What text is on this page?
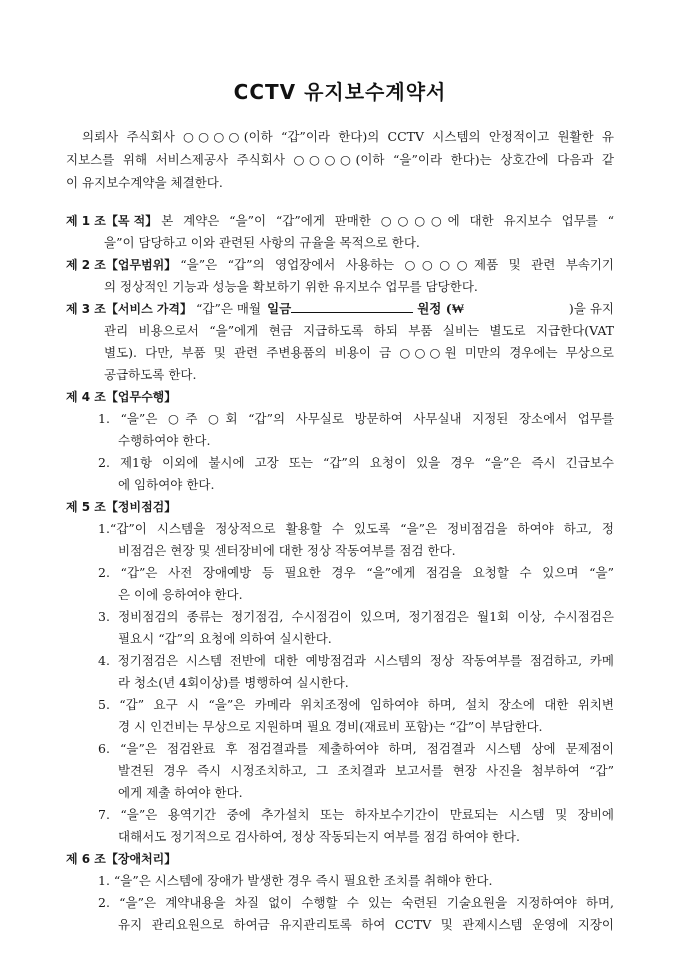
CCTV 유지보수계약서
의뢰사 주식회사 ○○○○(이하 “갑”이라 한다)의 CCTV 시스템의 안정적이고 원활한 유
지보스를 위해 서비스제공사 주식회사 ○○○○(이하 “을”이라 한다)는 상호간에 다음과 같
이 유지보수계약을 체결한다.
제 1 조【목 적】 본 계약은 “을”이 “갑”에게 판매한 ○○○○에 대한 유지보수 업무를 “
을”이 담당하고 이와 관련된 사항의 규율을 목적으로 한다.
제 2 조【업무범위】 “을”은 “갑”의 영업장에서 사용하는 ○○○○제품 및 관련 부속기기
의 정상적인 기능과 성능을 확보하기 위한 유지보수 업무를 담당한다.
제 3 조【서비스 가격】 “갑”은 매월 일금	원정 (₩	)을 유지
관리 비용으로서 “을”에게 현금 지급하도록 하되 부품 실비는 별도로 지급한다(VAT
별도). 다만, 부품 및 관련 주변용품의 비용이 금 ○○○원 미만의 경우에는 무상으로
공급하도록 한다.
제 4 조【업무수행】
1. “을”은 ○주 ○회 “갑”의 사무실로 방문하여 사무실내 지정된 장소에서 업무를
수행하여야 한다.
2. 제1항 이외에 불시에 고장 또는 “갑”의 요청이 있을 경우 “을”은 즉시 긴급보수
에 임하여야 한다.
제 5 조【정비점검】
1.“갑”이 시스템을 정상적으로 활용할 수 있도록 “을”은 정비점검을 하여야 하고, 정
비점검은 현장 및 센터장비에 대한 정상 작동여부를 점검 한다.
2. “갑”은 사전 장애예방 등 필요한 경우 “을”에게 점검을 요청할 수 있으며 “을”
은 이에 응하여야 한다.
3. 정비점검의 종류는 정기점검, 수시점검이 있으며, 정기점검은 월1회 이상, 수시점검은
필요시 “갑”의 요청에 의하여 실시한다.
4. 정기점검은 시스템 전반에 대한 예방점검과 시스템의 정상 작동여부를 점검하고, 카메
라 청소(년 4회이상)를 병행하여 실시한다.
5. “갑” 요구 시 “을”은 카메라 위치조정에 임하여야 하며, 설치 장소에 대한 위치변
경 시 인건비는 무상으로 지원하며 필요 경비(재료비 포함)는 “갑”이 부담한다.
6. “을”은 점검완료 후 점검결과를 제출하여야 하며, 점검결과 시스템 상에 문제점이
발견된 경우 즉시 시정조치하고, 그 조치결과 보고서를 현장 사진을 첨부하여 “갑”
에게 제출 하여야 한다.
7. “을”은 용역기간 중에 추가설치 또는 하자보수기간이 만료되는 시스템 및 장비에
대해서도 정기적으로 검사하여, 정상 작동되는지 여부를 점검 하여야 한다.
제 6 조【장애처리】
1. “을”은 시스템에 장애가 발생한 경우 즉시 필요한 조치를 취해야 한다.
2. “을”은 계약내용을 차질 없이 수행할 수 있는 숙련된 기술요원을 지정하여야 하며,
유지 관리요원으로 하여금 유지관리토록 하여 CCTV 및 관제시스템 운영에 지장이
